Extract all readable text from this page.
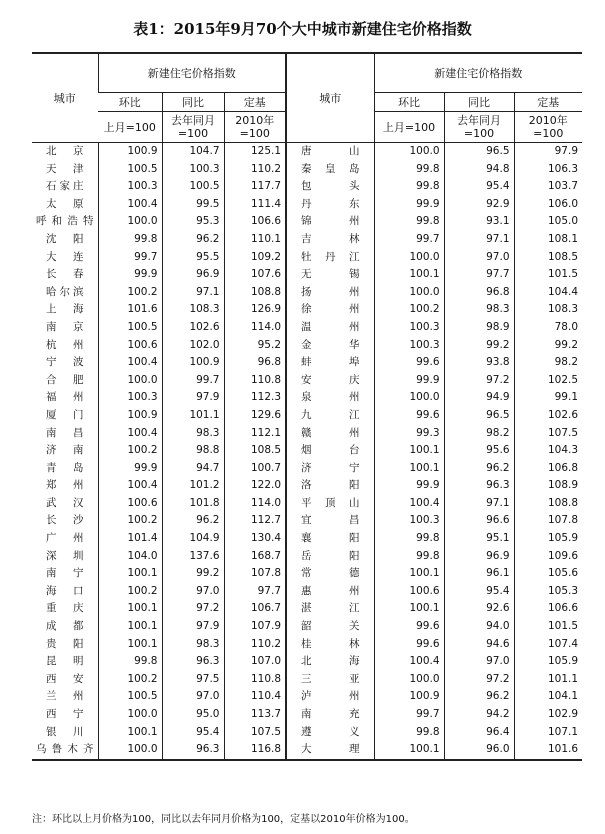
表1：2015年9月70个大中城市新建住宅价格指数
城市	新建住宅价格指数			城市	新建住宅价格指数		
	环比	同比	定基		环比	同比	定基
	上月=100	去年同月=100	2010年=100		上月=100	去年同月=100	2010年=100
北京	100.9	104.7	125.1	唐山	100.0	96.5	97.9
天津	100.5	100.3	110.2	秦皇岛	99.8	94.8	106.3
石家庄	100.3	100.5	117.7	包头	99.8	95.4	103.7
太原	100.4	99.5	111.4	丹东	99.9	92.9	106.0
呼和浩特	100.0	95.3	106.6	锦州	99.8	93.1	105.0
沈阳	99.8	96.2	110.1	吉林	99.7	97.1	108.1
大连	99.7	95.5	109.2	牡丹江	100.0	97.0	108.5
长春	99.9	96.9	107.6	无锡	100.1	97.7	101.5
哈尔滨	100.2	97.1	108.8	扬州	100.0	96.8	104.4
上海	101.6	108.3	126.9	徐州	100.2	98.3	108.3
南京	100.5	102.6	114.0	温州	100.3	98.9	78.0
杭州	100.6	102.0	95.2	金华	100.3	99.2	99.2
宁波	100.4	100.9	96.8	蚌埠	99.6	93.8	98.2
合肥	100.0	99.7	110.8	安庆	99.9	97.2	102.5
福州	100.3	97.9	112.3	泉州	100.0	94.9	99.1
厦门	100.9	101.1	129.6	九江	99.6	96.5	102.6
南昌	100.4	98.3	112.1	赣州	99.3	98.2	107.5
济南	100.2	98.8	108.5	烟台	100.1	95.6	104.3
青岛	99.9	94.7	100.7	济宁	100.1	96.2	106.8
郑州	100.4	101.2	122.0	洛阳	99.9	96.3	108.9
武汉	100.6	101.8	114.0	平顶山	100.4	97.1	108.8
长沙	100.2	96.2	112.7	宜昌	100.3	96.6	107.8
广州	101.4	104.9	130.4	襄阳	99.8	95.1	105.9
深圳	104.0	137.6	168.7	岳阳	99.8	96.9	109.6
南宁	100.1	99.2	107.8	常德	100.1	96.1	105.6
海口	100.2	97.0	97.7	惠州	100.6	95.4	105.3
重庆	100.1	97.2	106.7	湛江	100.1	92.6	106.6
成都	100.1	97.9	107.9	韶关	99.6	94.0	101.5
贵阳	100.1	98.3	110.2	桂林	99.6	94.6	107.4
昆明	99.8	96.3	107.0	北海	100.4	97.0	105.9
西安	100.2	97.5	110.8	三亚	100.0	97.2	101.1
兰州	100.5	97.0	110.4	泸州	100.9	96.2	104.1
西宁	100.0	95.0	113.7	南充	99.7	94.2	102.9
银川	100.1	95.4	107.5	遵义	99.8	96.4	107.1
乌鲁木齐	100.0	96.3	116.8	大理	100.1	96.0	101.6
注：环比以上月价格为100，同比以去年同月价格为100，定基以2010年价格为100。
